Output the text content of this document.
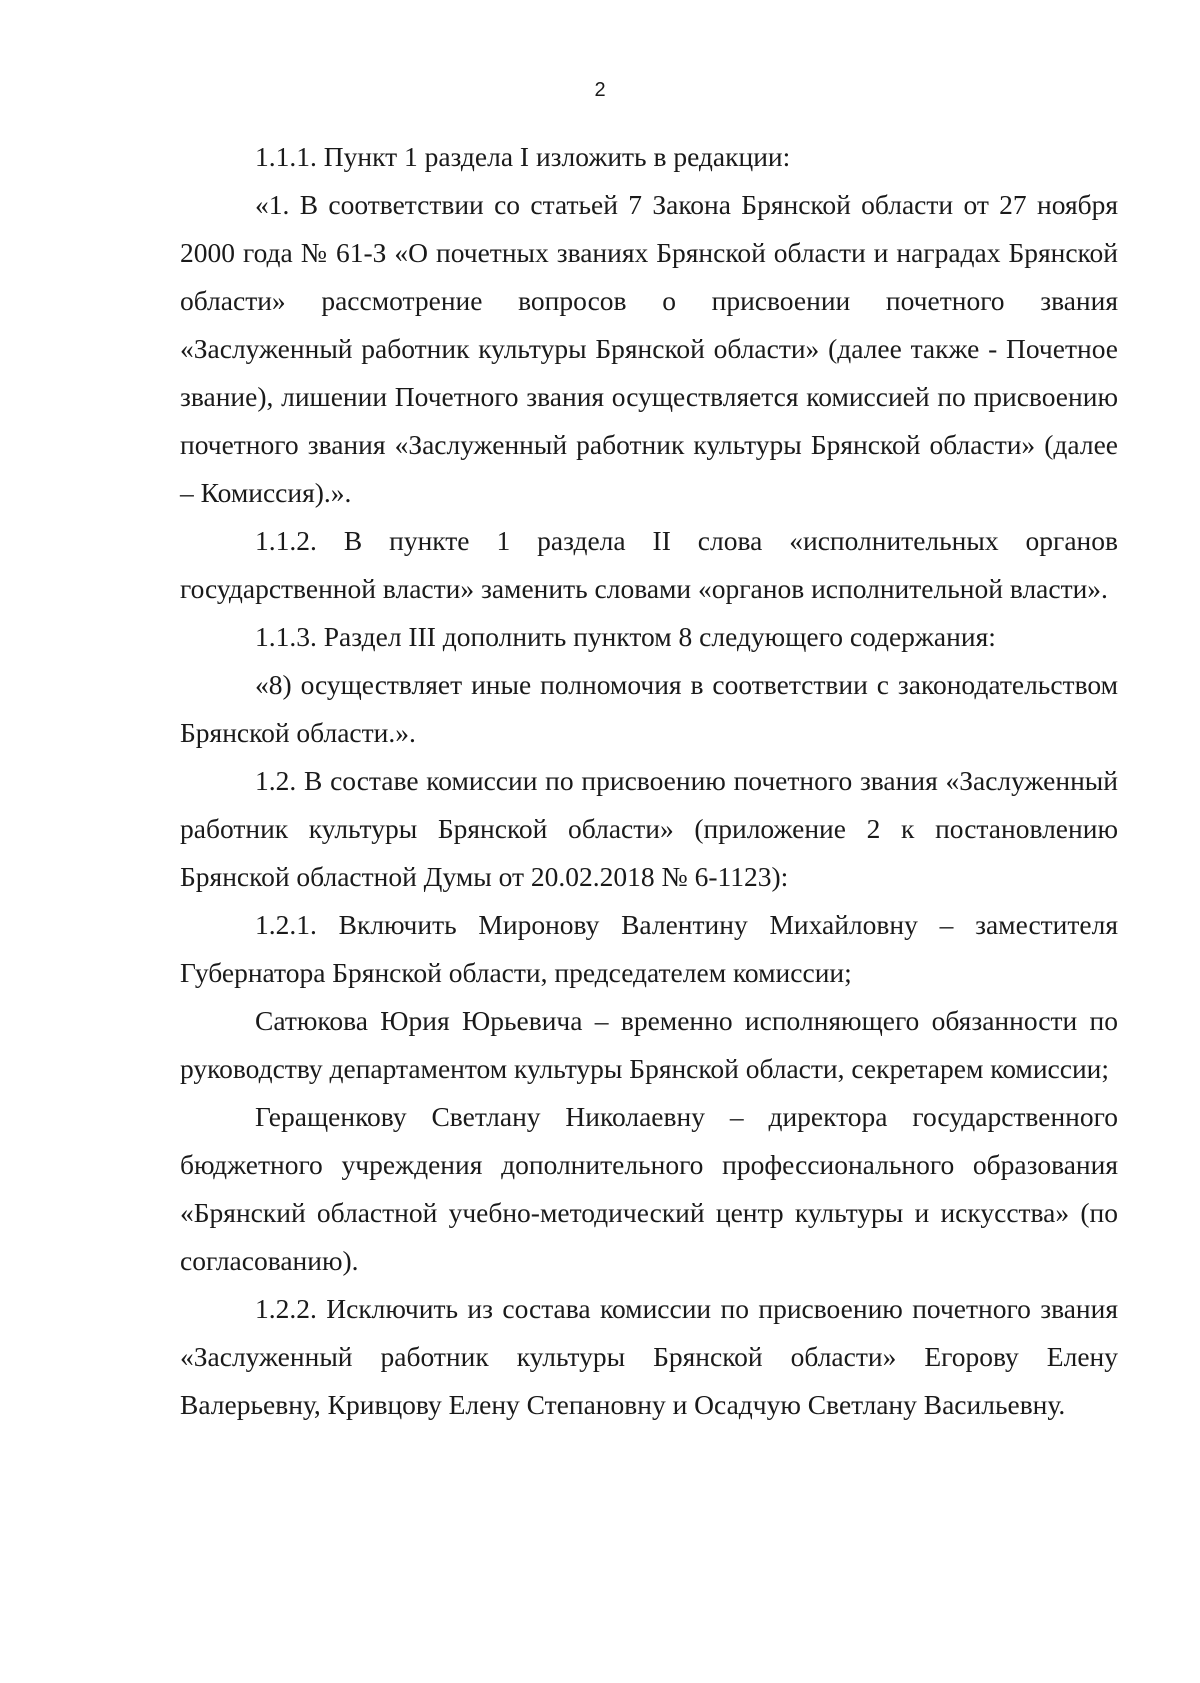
2

1.1.1. Пункт 1 раздела I изложить в редакции:

«1. В соответствии со статьей 7 Закона Брянской области от 27 ноября 2000 года № 61-З «О почетных званиях Брянской области и наградах Брянской области» рассмотрение вопросов о присвоении почетного звания «Заслуженный работник культуры Брянской области» (далее также - Почетное звание), лишении Почетного звания осуществляется комиссией по присвоению почетного звания «Заслуженный работник культуры Брянской области» (далее – Комиссия).».

1.1.2. В пункте 1 раздела II слова «исполнительных органов государственной власти» заменить словами «органов исполнительной власти».

1.1.3. Раздел III дополнить пунктом 8 следующего содержания:

«8) осуществляет иные полномочия в соответствии с законодательством Брянской области.».

1.2. В составе комиссии по присвоению почетного звания «Заслуженный работник культуры Брянской области» (приложение 2 к постановлению Брянской областной Думы от 20.02.2018 № 6-1123):

1.2.1. Включить Миронову Валентину Михайловну – заместителя Губернатора Брянской области, председателем комиссии;

Сатюкова Юрия Юрьевича – временно исполняющего обязанности по руководству департаментом культуры Брянской области, секретарем комиссии;

Геращенкову Светлану Николаевну – директора государственного бюджетного учреждения дополнительного профессионального образования «Брянский областной учебно-методический центр культуры и искусства» (по согласованию).

1.2.2. Исключить из состава комиссии по присвоению почетного звания «Заслуженный работник культуры Брянской области» Егорову Елену Валерьевну, Кривцову Елену Степановну и Осадчую Светлану Васильевну.
